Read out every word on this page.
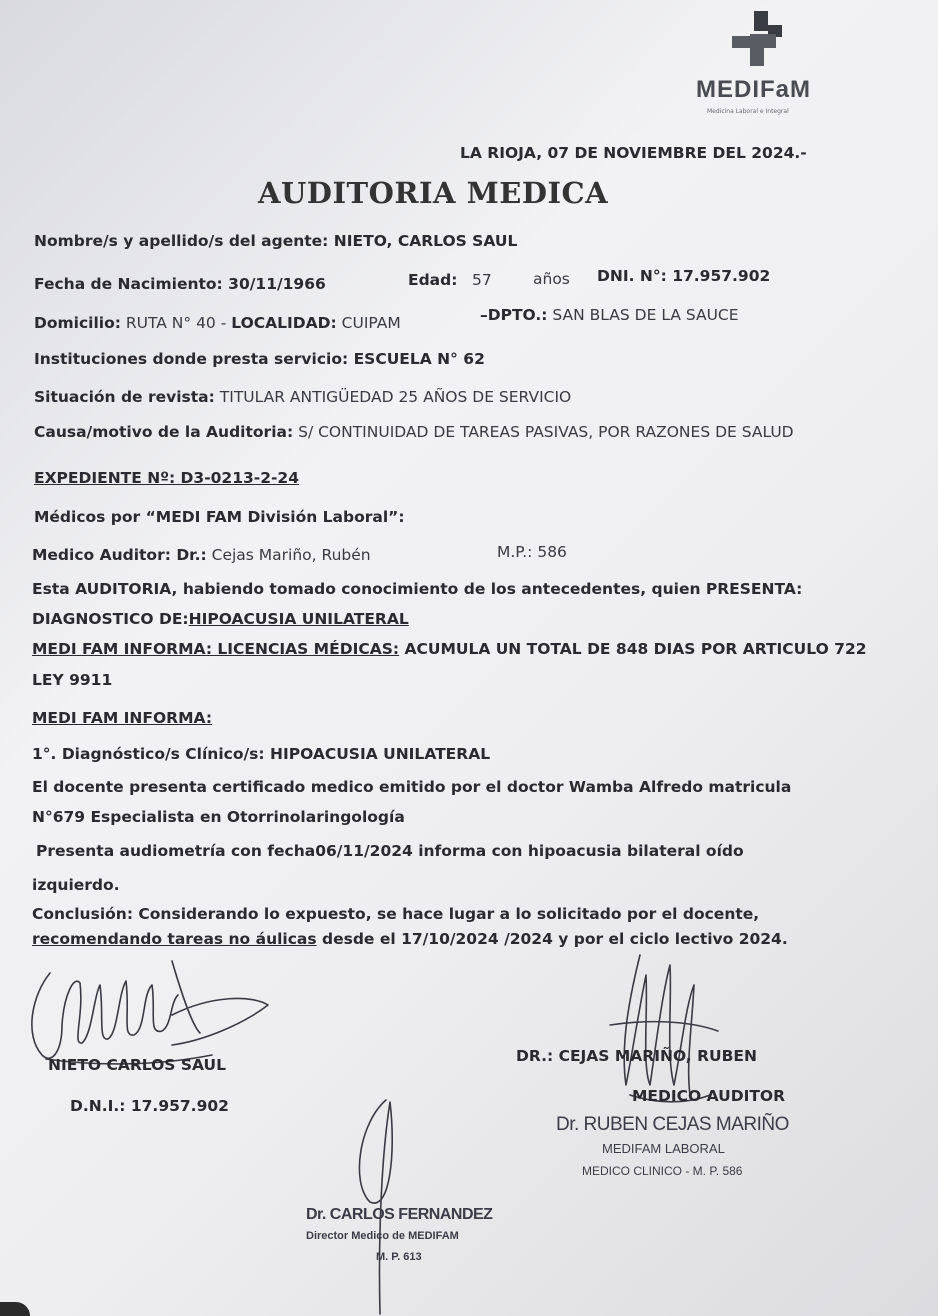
MEDIFaM
Medicina Laboral e Integral
LA RIOJA, 07 DE NOVIEMBRE DEL 2024.-
AUDITORIA MEDICA
Nombre/s y apellido/s del agente: NIETO, CARLOS SAUL
Fecha de Nacimiento: 30/11/1966	Edad: 57	años DNI. N°: 17.957.902
Domicilio: RUTA N° 40 - LOCALIDAD: CUIPAM	–DPTO.: SAN BLAS DE LA SAUCE
Instituciones donde presta servicio: ESCUELA N° 62
Situación de revista: TITULAR ANTIGÜEDAD 25 AÑOS DE SERVICIO
Causa/motivo de la Auditoria: S/ CONTINUIDAD DE TAREAS PASIVAS, POR RAZONES DE SALUD
EXPEDIENTE Nº: D3-0213-2-24
Médicos por “MEDI FAM División Laboral”:
Medico Auditor: Dr.: Cejas Mariño, Rubén	M.P.: 586
Esta AUDITORIA, habiendo tomado conocimiento de los antecedentes, quien PRESENTA:
DIAGNOSTICO DE:HIPOACUSIA UNILATERAL
MEDI FAM INFORMA: LICENCIAS MÉDICAS: ACUMULA UN TOTAL DE 848 DIAS POR ARTICULO 722
LEY 9911
MEDI FAM INFORMA:
1°. Diagnóstico/s Clínico/s: HIPOACUSIA UNILATERAL
El docente presenta certificado medico emitido por el doctor Wamba Alfredo matricula
N°679 Especialista en Otorrinolaringología
Presenta audiometría con fecha06/11/2024 informa con hipoacusia bilateral oído
izquierdo.
Conclusión: Considerando lo expuesto, se hace lugar a lo solicitado por el docente,
recomendando tareas no áulicas desde el 17/10/2024 /2024 y por el ciclo lectivo 2024.
NIETO CARLOS SAUL
D.N.I.: 17.957.902
DR.: CEJAS MARIÑO, RUBEN
MEDICO AUDITOR
Dr. RUBEN CEJAS MARIÑO
MEDIFAM LABORAL
MEDICO CLINICO - M. P. 586
Dr. CARLOS FERNANDEZ
Director Medico de MEDIFAM
M. P. 613
